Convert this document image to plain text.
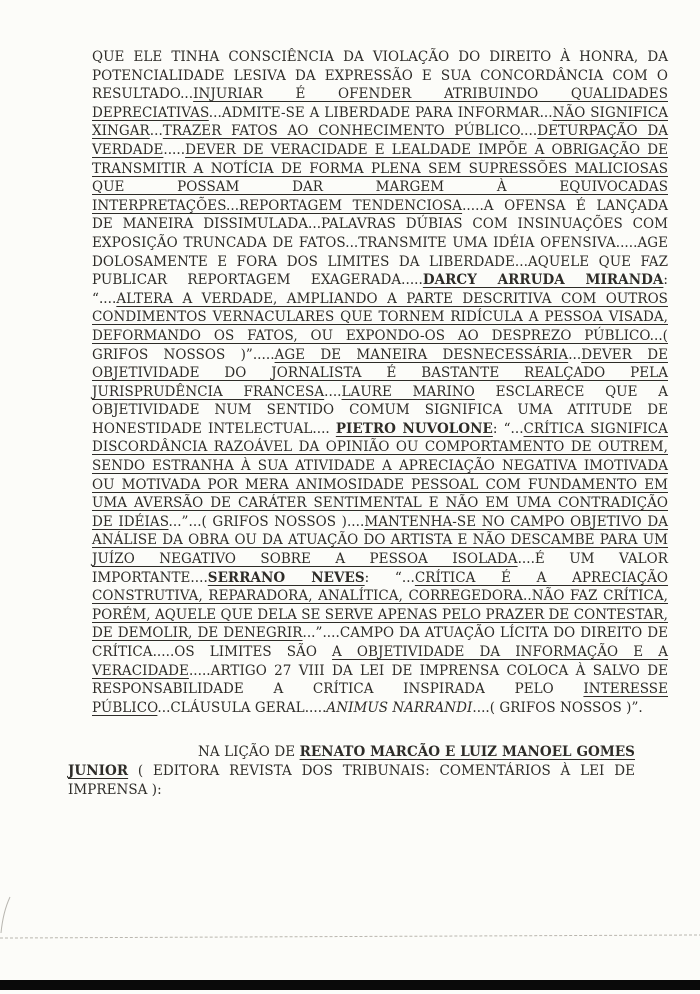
QUE ELE TINHA CONSCIÊNCIA DA VIOLAÇÃO DO DIREITO À HONRA, DA POTENCIALIDADE LESIVA DA EXPRESSÃO E SUA CONCORDÂNCIA COM O RESULTADO...INJURIAR É OFENDER ATRIBUINDO QUALIDADES DEPRECIATIVAS...ADMITE-SE A LIBERDADE PARA INFORMAR...NÃO SIGNIFICA XINGAR...TRAZER FATOS AO CONHECIMENTO PÚBLICO....DETURPAÇÃO DA VERDADE.....DEVER DE VERACIDADE E LEALDADE IMPÕE A OBRIGAÇÃO DE TRANSMITIR A NOTÍCIA DE FORMA PLENA SEM SUPRESSÕES MALICIOSAS QUE POSSAM DAR MARGEM À EQUIVOCADAS INTERPRETAÇÕES...REPORTAGEM TENDENCIOSA.....A OFENSA É LANÇADA DE MANEIRA DISSIMULADA...PALAVRAS DÚBIAS COM INSINUAÇÕES COM EXPOSIÇÃO TRUNCADA DE FATOS...TRANSMITE UMA IDÉIA OFENSIVA.....AGE DOLOSAMENTE E FORA DOS LIMITES DA LIBERDADE...AQUELE QUE FAZ PUBLICAR REPORTAGEM EXAGERADA.....DARCY ARRUDA MIRANDA: “....ALTERA A VERDADE, AMPLIANDO A PARTE DESCRITIVA COM OUTROS CONDIMENTOS VERNACULARES QUE TORNEM RIDÍCULA A PESSOA VISADA, DEFORMANDO OS FATOS, OU EXPONDO-OS AO DESPREZO PÚBLICO...( GRIFOS NOSSOS )”.....AGE DE MANEIRA DESNECESSÁRIA...DEVER DE OBJETIVIDADE DO JORNALISTA É BASTANTE REALÇADO PELA JURISPRUDÊNCIA FRANCESA....LAURE MARINO ESCLARECE QUE A OBJETIVIDADE NUM SENTIDO COMUM SIGNIFICA UMA ATITUDE DE HONESTIDADE INTELECTUAL.... PIETRO NUVOLONE: “...CRÍTICA SIGNIFICA DISCORDÂNCIA RAZOÁVEL DA OPINIÃO OU COMPORTAMENTO DE OUTREM, SENDO ESTRANHA À SUA ATIVIDADE A APRECIAÇÃO NEGATIVA IMOTIVADA OU MOTIVADA POR MERA ANIMOSIDADE PESSOAL COM FUNDAMENTO EM UMA AVERSÃO DE CARÁTER SENTIMENTAL E NÃO EM UMA CONTRADIÇÃO DE IDÉIAS...”...( GRIFOS NOSSOS )....MANTENHA-SE NO CAMPO OBJETIVO DA ANÁLISE DA OBRA OU DA ATUAÇÃO DO ARTISTA E NÃO DESCAMBE PARA UM JUÍZO NEGATIVO SOBRE A PESSOA ISOLADA....É UM VALOR IMPORTANTE....SERRANO NEVES: “...CRÍTICA É A APRECIAÇÃO CONSTRUTIVA, REPARADORA, ANALÍTICA, CORREGEDORA..NÃO FAZ CRÍTICA, PORÉM, AQUELE QUE DELA SE SERVE APENAS PELO PRAZER DE CONTESTAR, DE DEMOLIR, DE DENEGRIR...”....CAMPO DA ATUAÇÃO LÍCITA DO DIREITO DE CRÍTICA.....OS LIMITES SÃO A OBJETIVIDADE DA INFORMAÇÃO E A VERACIDADE.....ARTIGO 27 VIII DA LEI DE IMPRENSA COLOCA À SALVO DE RESPONSABILIDADE A CRÍTICA INSPIRADA PELO INTERESSE PÚBLICO...CLÁUSULA GERAL.....ANIMUS NARRANDI....( GRIFOS NOSSOS )”.

NA LIÇÃO DE RENATO MARCÃO E LUIZ MANOEL GOMES JUNIOR ( EDITORA REVISTA DOS TRIBUNAIS: COMENTÁRIOS À LEI DE IMPRENSA ):
